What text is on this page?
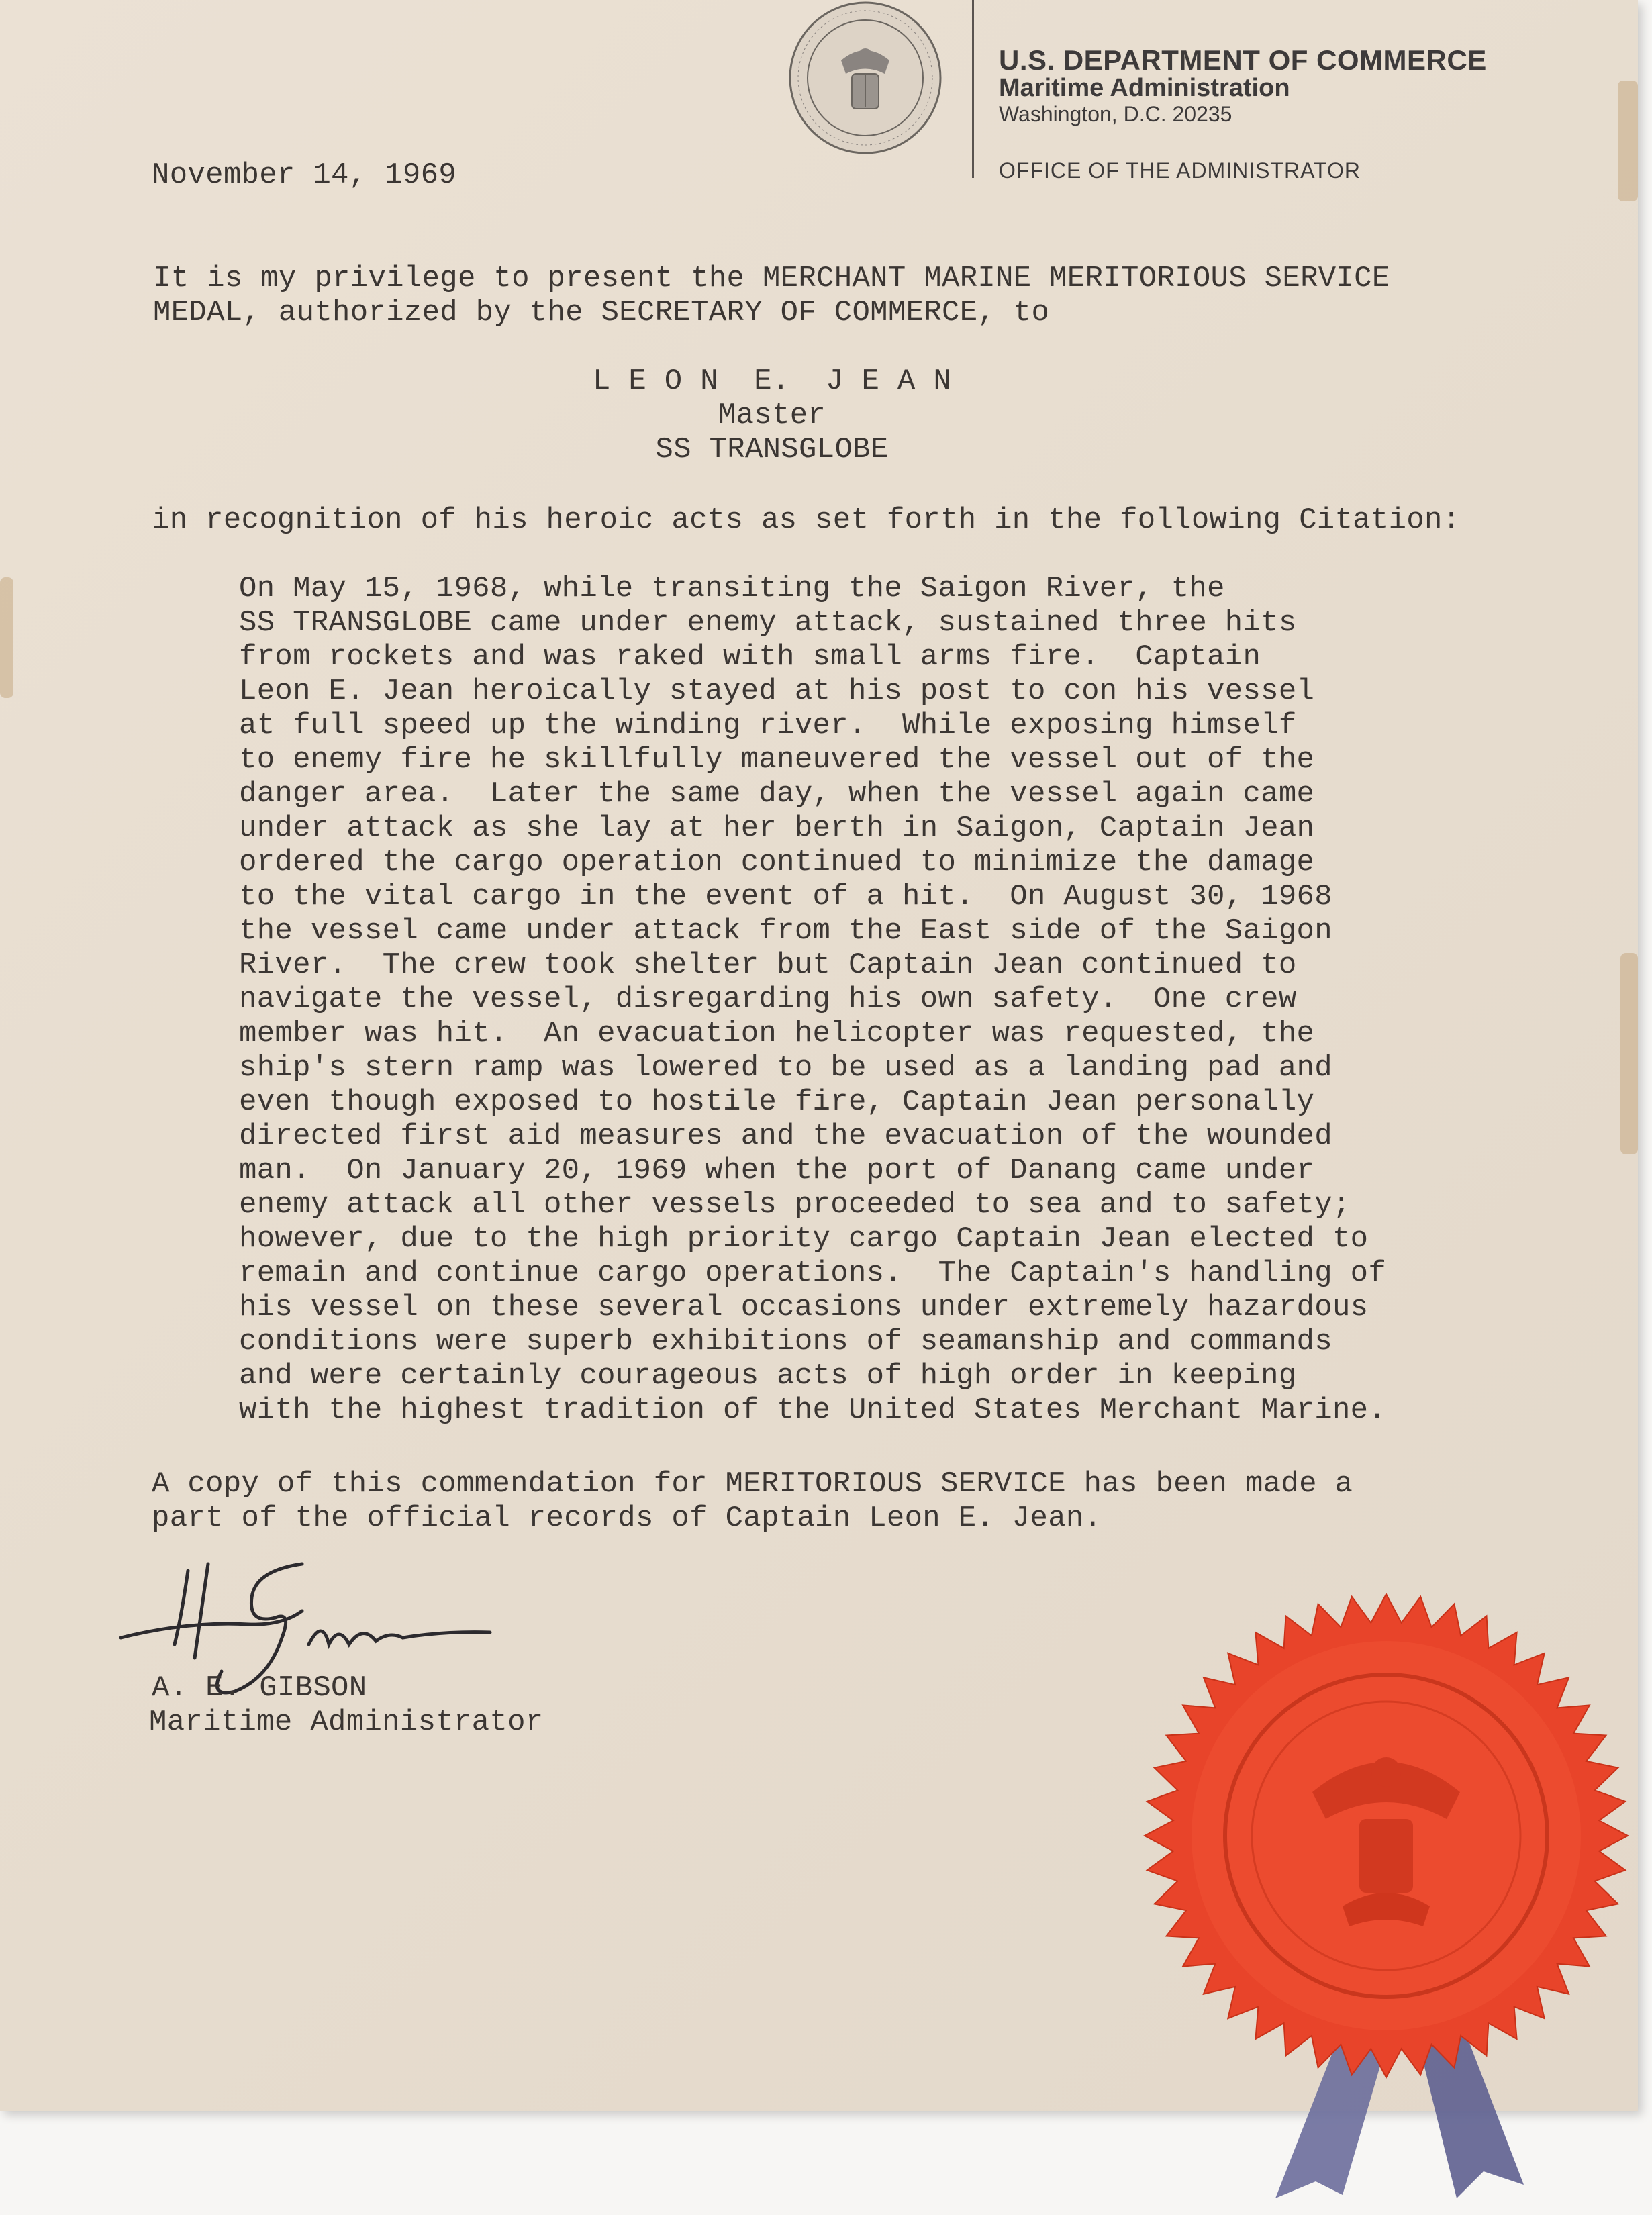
U.S. DEPARTMENT OF COMMERCE
Maritime Administration
Washington, D.C. 20235
OFFICE OF THE ADMINISTRATOR
November 14, 1969
It is my privilege to present the MERCHANT MARINE MERITORIOUS SERVICE
MEDAL, authorized by the SECRETARY OF COMMERCE, to
L E O N  E.  J E A N
Master
SS TRANSGLOBE
in recognition of his heroic acts as set forth in the following Citation:
On May 15, 1968, while transiting the Saigon River, the
SS TRANSGLOBE came under enemy attack, sustained three hits
from rockets and was raked with small arms fire.  Captain
Leon E. Jean heroically stayed at his post to con his vessel
at full speed up the winding river.  While exposing himself
to enemy fire he skillfully maneuvered the vessel out of the
danger area.  Later the same day, when the vessel again came
under attack as she lay at her berth in Saigon, Captain Jean
ordered the cargo operation continued to minimize the damage
to the vital cargo in the event of a hit.  On August 30, 1968
the vessel came under attack from the East side of the Saigon
River.  The crew took shelter but Captain Jean continued to
navigate the vessel, disregarding his own safety.  One crew
member was hit.  An evacuation helicopter was requested, the
ship's stern ramp was lowered to be used as a landing pad and
even though exposed to hostile fire, Captain Jean personally
directed first aid measures and the evacuation of the wounded
man.  On January 20, 1969 when the port of Danang came under
enemy attack all other vessels proceeded to sea and to safety;
however, due to the high priority cargo Captain Jean elected to
remain and continue cargo operations.  The Captain's handling of
his vessel on these several occasions under extremely hazardous
conditions were superb exhibitions of seamanship and commands
and were certainly courageous acts of high order in keeping
with the highest tradition of the United States Merchant Marine.
A copy of this commendation for MERITORIOUS SERVICE has been made a
part of the official records of Captain Leon E. Jean.
A. E. GIBSON
Maritime Administrator
